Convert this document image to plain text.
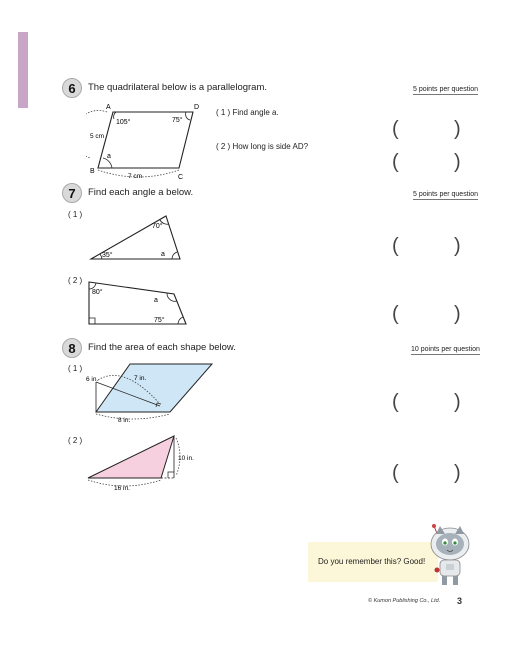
6	The quadrilateral below is a parallelogram.	5 points per question
( 1 ) Find angle a.
( 2 ) How long is side AD?
A	D
B
C
105°	75°
5 cm
7 cm
a
(	)
(	)
7	Find each angle a below.	5 points per question
( 1 )
70°
35°	a	(	)
( 2 )
80°
a
75°	(	)
8	Find the area of each shape below.	10 points per question
( 1 )
6 in.	7 in.
8 in.
(	)
( 2 )
10 in.
16 in.
(	)
Do you remember this? Good!
© Kumon Publishing Co., Ltd. 3
